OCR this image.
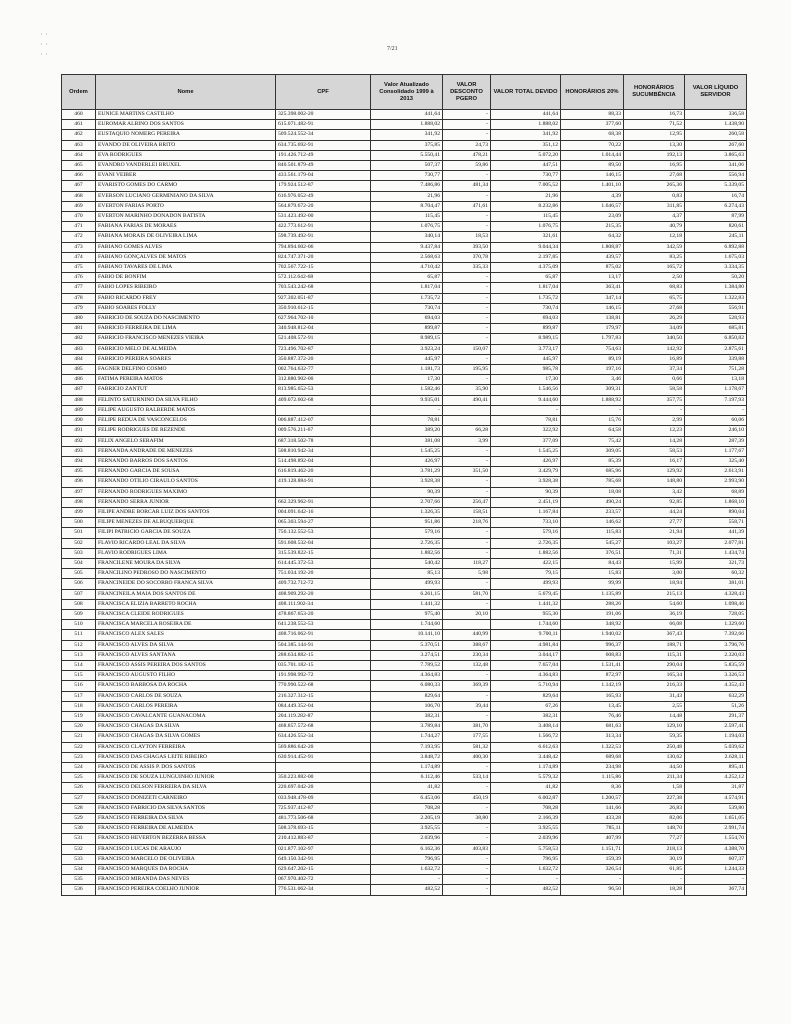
· ·
· ·
· ·
7/21
Ordem	Nome	CPF	Valor Atualizado Consolidado 1999 à 2013	VALOR DESCONTO PGERO	VALOR TOTAL DEVIDO	HONORÁRIOS 20%	HONORÁRIOS SUCUMBÊNCIA	VALOR LÍQUIDO SERVIDOR
460	EUNICE MARTINS CASTILHO	325.398.002-20	441,64	-	441,64	88,33	16,73	336,58
461	EUROMAR ALBINO DOS SANTOS	615.071.482-91	1.888,02	-	1.888,02	377,60	71,52	1.438,90
462	EUSTAQUIO NOMERG PEREIRA	509.524.552-34	341,92	-	341,92	68,38	12,95	260,58
463	EVANDO DE OLIVEIRA BRITO	634.735.692-91	375,85	24,73	351,12	70,22	13,30	267,60
464	EVA RODRIGUES	191.426.712-49	5.550,41	478,21	5.072,20	1.014,44	192,13	3.865,63
465	EVANDRO VANDERLEI BRUXEL	840.501.879-49	507,37	59,86	447,51	89,50	16,95	341,06
466	EVANI VEIBER	433.561.179-04	730,77	-	730,77	146,15	27,68	556,94
467	EVARISTO GOMES DO CARMO	179.924.512-87	7.486,86	481,34	7.005,52	1.401,10	265,36	5.339,05
468	EVERSON LUCIANO GERMINIANO DA SILVA	616.976.052-49	21,96	-	21,96	4,39	0,83	16,74
469	EVERTON FARIAS PORTO	564.879.672-20	8.704,47	471,61	8.232,86	1.646,57	311,85	6.274,43
470	EVERTON MARINHO DONADON BATISTA	531.423.492-00	115,45	-	115,45	23,09	4,37	87,99
471	FABIANA FARIAS DE MORAES	422.773.612-91	1.076,75	-	1.076,75	215,35	40,79	820,61
472	FABIANA MORAIS DE OLIVEIRA LIMA	598.739.492-91	340,14	18,53	321,61	64,32	12,18	245,11
473	FABIANO GOMES ALVES	794.894.602-06	9.437,84	393,50	9.044,34	1.808,87	342,59	6.892,88
474	FABIANO GONÇALVES DE MATOS	824.747.371-20	2.568,63	370,78	2.197,85	439,57	83,25	1.675,03
475	FABIANO TAVARES DE LIMA	702.567.722-15	4.710,42	335,33	4.375,09	875,02	165,72	3.334,35
476	FABIO DE BONFIM	572.112.642-68	65,87	-	65,87	13,17	2,50	50,20
477	FABIO LOPES RIBEIRO	703.543.242-68	1.817,04	-	1.817,04	363,41	68,83	1.384,80
478	FABIO RICARDO FREY	927.302.051-87	1.735,72	-	1.735,72	347,14	65,75	1.322,83
479	FABIO SOARES FOLLY	350.910.612-15	730,74	-	730,74	146,15	27,68	556,91
480	FABRICIO DE SOUZA DO NASCIMENTO	627.964.702-10	694,03	-	694,03	138,81	26,29	528,93
481	FABRICIO FERREIRA DE LIMA	340.948.812-04	899,87	-	899,87	179,97	34,09	685,81
482	FABRICIO FRANCISCO MENEZES VIEIRA	521.408.572-91	8.989,15	-	8.989,15	1.797,83	340,50	6.850,82
483	FABRICIO MELO DE ALMEIDA	723.496.702-87	3.923,24	150,07	3.773,17	754,63	142,92	2.875,61
484	FABRICIO PEREIRA SOARES	350.887.372-20	445,97	-	445,97	89,19	16,89	339,88
485	FAGNER DELFINO COSMO	002.764.632-77	1.181,73	195,95	985,78	197,16	37,34	751,28
486	FATIMA PEREIRA MATOS	312.880.902-00	17,30	-	17,30	3,46	0,66	13,18
487	FABRICIO ZANTUT	813.985.652-53	1.582,46	35,90	1.546,56	309,31	58,58	1.178,67
488	FELINTO SATURNINO DA SILVA FILHO	409.072.602-68	9.935,01	490,41	9.444,60	1.888,92	357,75	7.197,93
489	FELIPE AUGUSTO BALBERDE MATOS		-		-	-	-	-
490	FELIPE REDUA DE VASCONCELOS	006.887.412-07	78,81		78,81	15,76	2,99	60,06
491	FELIPE RODRIGUES DE REZENDE	009.576.211-67	389,20	66,28	322,92	64,58	12,23	246,10
492	FELIX ANGELO SERAFIM	687.318.502-78	381,08	3,99	377,09	75,42	14,28	287,39
493	FERNANDA ANDRADE DE MENEZES	508.810.942-34	1.545,25	-	1.545,25	309,05	58,53	1.177,67
494	FERNANDO BARROS DOS SANTOS	514.498.892-04	426,97	-	426,97	85,39	16,17	325,40
495	FERNANDO GARCIA DE SOUSA	616.819.462-20	3.781,29	351,50	3.429,79	685,96	129,92	2.613,91
496	FERNANDO OTILIO CIRAULO SANTOS	419.128.884-91	3.928,38	-	3.928,38	785,68	148,80	2.993,90
497	FERNANDO RODRIGUES MAXIMO		90,39	-	90,39	18,08	3,42	68,89
498	FERNANDO SERRA JUNIOR	662.329.962-91	2.707,66	256,47	2.451,19	490,24	92,85	1.868,10
499	FILIPE ANDRE BORCAR LUIZ DOS SANTOS	004.091.642-16	1.326,35	158,51	1.167,84	233,57	44,24	890,04
500	FILIPE MENEZES DE ALBUQUERQUE	065.303.594-27	951,86	218,76	733,10	146,62	27,77	558,71
501	FILIPI PATRICIO GARCIA DE SOUZA	756.132.552-53	579,16	-	579,16	115,83	21,94	441,39
502	FLAVIO RICARDO LEAL DA SILVA	591.608.532-04	2.726,35	-	2.726,35	545,27	103,27	2.077,81
503	FLAVIO RODRIGUES LIMA	315.539.822-15	1.882,56	-	1.882,56	376,51	71,31	1.434,74
504	FRANCILENE MOURA DA SILVA	614.445.372-53	540,42	118,27	422,15	84,43	15,99	321,73
505	FRANCILINO PEDROSO DO NASCIMENTO	751.034.192-20	85,13	5,98	79,15	15,83	3,00	60,32
506	FRANCINEIDE DO SOCORRO FRANCA SILVA	409.732.712-72	499,93	-	499,93	99,99	18,94	381,01
507	FRANCINEILA MAIA DOS SANTOS DE	408.909.292-20	6.261,15	581,70	5.679,45	1.135,89	215,13	4.328,43
508	FRANCISCA ELIZIA BARRETO ROCHA	408.111.902-34	1.441,32	-	1.441,32	288,26	54,60	1.098,46
509	FRANCISCA CLEIDE RODRIGUES	478.867.653-20	975,40	20,10	955,30	191,06	36,19	728,05
510	FRANCISCA MARCELA ROSEIRA DE	641.238.552-53	1.744,60		1.744,60	348,92	66,08	1.329,60
511	FRANCISCO ALEX SALES	408.716.062-91	10.141,10	440,99	9.700,11	1.940,02	367,43	7.392,66
512	FRANCISCO ALVES DA SILVA	504.385.144-91	5.370,51	388,67	4.981,84	996,37	188,71	3.796,76
513	FRANCISCO ALVES SANTANA	288.634.882-15	3.274,51	230,34	3.044,17	608,83	115,31	2.320,03
514	FRANCISCO ASSIS PEREIRA DOS SANTOS	035.701.182-15	7.789,52	132,48	7.657,04	1.531,41	290,04	5.835,59
515	FRANCISCO AUGUSTO FILHO	191.998.992-72	4.364,83	-	4.364,83	872,97	165,34	3.326,53
516	FRANCISCO BARBOSA DA ROCHA	770.990.522-68	6.080,33	369,39	5.710,94	1.142,19	216,33	4.352,43
517	FRANCISCO CARLOS DE SOUZA	216.327.312-15	829,64	-	829,64	165,93	31,43	632,29
518	FRANCISCO CARLOS PEREIRA	084.449.352-04	106,70	39,44	67,26	13,45	2,55	51,26
519	FRANCISCO CAVALCANTE GUANACOMA	204.119.282-87	382,31	-	382,31	76,46	14,48	291,37
520	FRANCISCO CHAGAS DA SILVA	468.857.572-68	3.789,84	381,70	3.408,14	681,63	129,10	2.597,41
521	FRANCISCO CHAGAS DA SILVA GOMES	634.426.552-34	1.744,27	177,55	1.566,72	313,34	59,35	1.194,03
522	FRANCISCO CLAYTON FERREIRA	569.886.642-20	7.193,95	581,32	6.612,63	1.322,53	250,48	5.039,62
523	FRANCISCO DAS CHAGAS LEITE RIBEIRO	630.914.452-91	3.848,72	400,30	3.448,42	689,68	130,62	2.628,11
524	FRANCISCO DE ASSIS P. DOS SANTOS		1.174,89	-	1.174,89	234,98	44,50	895,41
525	FRANCISCO DE SOUZA LUNGUINHO JUNIOR	350.223.882-00	6.112,46	533,14	5.579,32	1.115,86	211,34	4.252,12
526	FRANCISCO DELSON FERREIRA DA SILVA	220.697.042-20	41,82	-	41,82	8,36	1,58	31,87
527	FRANCISCO DONIZETI CARNEIRO	033.948.478-09	6.453,06	450,19	6.002,87	1.200,57	227,38	4.574,91
528	FRANCISCO FABRICIO DA SILVA SANTOS	725.937.412-87	708,28	-	708,28	141,66	26,83	539,80
529	FRANCISCO FERREIRA DA SILVA	481.773.506-68	2.205,19	38,80	2.166,39	433,28	82,06	1.651,05
530	FRANCISCO FERREIRA DE ALMEIDA	508.378.693-15	3.925,55	-	3.925,55	785,11	148,70	2.991,74
531	FRANCISCO HEVERTON BEZERRA BESSA	210.412.883-87	2.039,96	-	2.039,96	407,99	77,27	1.554,70
532	FRANCISCO LUCAS DE ARAUJO	021.877.102-97	6.162,36	403,83	5.758,53	1.151,71	218,13	4.388,70
533	FRANCISCO MARCELO DE OLIVEIRA	649.150.342-91	796,95	-	796,95	159,39	30,19	607,37
534	FRANCISCO MARQUES DA ROCHA	629.647.202-15	1.632,72	-	1.632,72	326,54	61,85	1.244,33
535	FRANCISCO MIRANDA DAS NEVES	067.970.402-72	-	-	-	-	-	-
536	FRANCISCO PEREIRA COELHO JUNIOR	776.531.062-34	482,52	-	482,52	96,50	18,28	367,74
